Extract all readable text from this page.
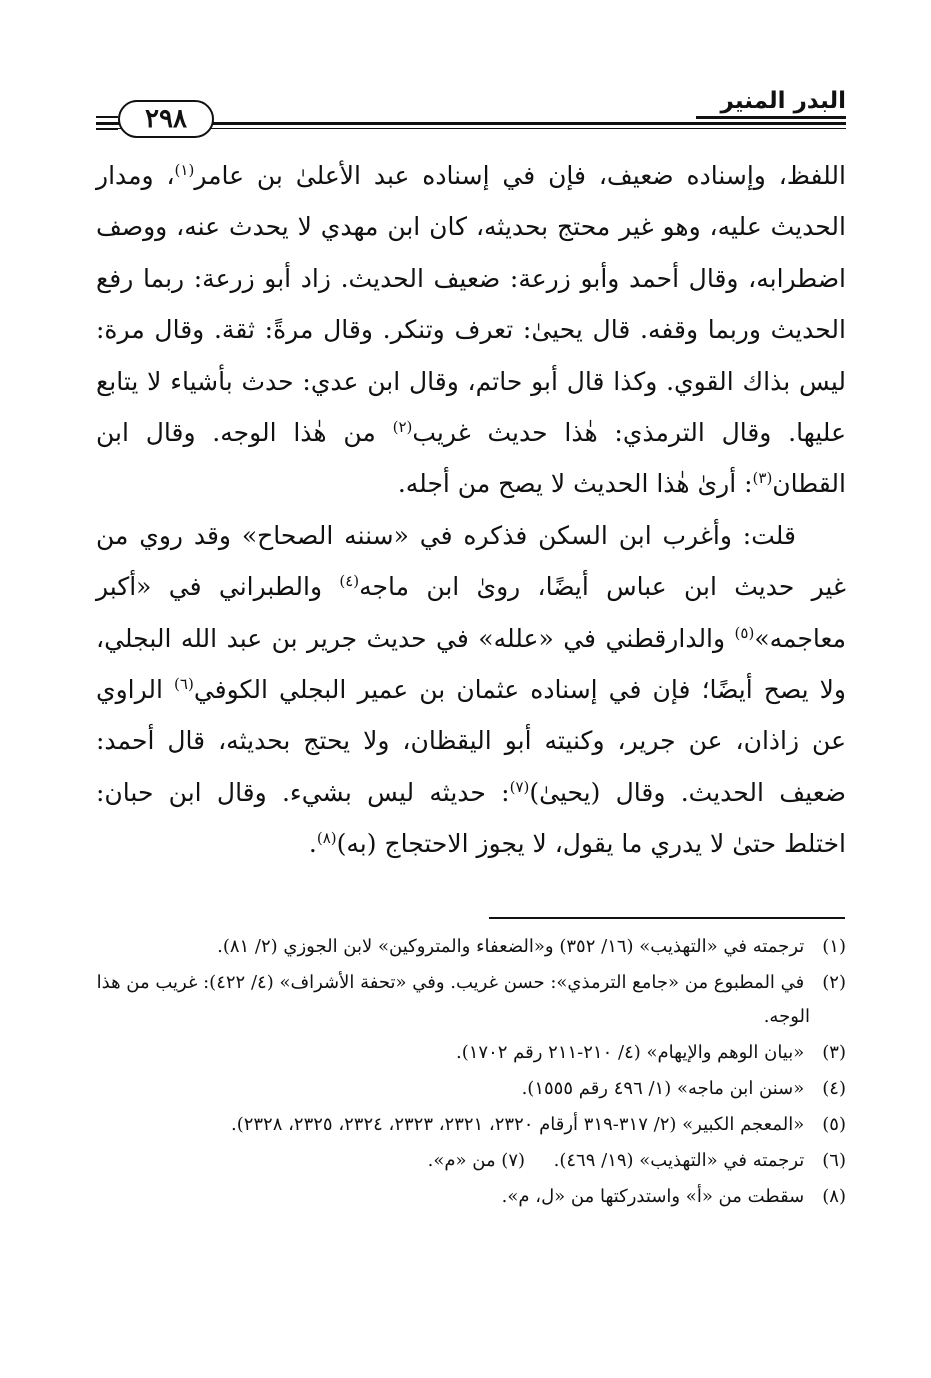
البدر المنير
٢٩٨

اللفظ، وإسناده ضعيف، فإن في إسناده عبد الأعلىٰ بن عامر$^{(١)}$، ومدار الحديث عليه، وهو غير محتج بحديثه، كان ابن مهدي لا يحدث عنه، ووصف اضطرابه، وقال أحمد وأبو زرعة: ضعيف الحديث. زاد أبو زرعة: ربما رفع الحديث وربما وقفه. قال يحيىٰ: تعرف وتنكر. وقال مرةً: ثقة. وقال مرة: ليس بذاك القوي. وكذا قال أبو حاتم، وقال ابن عدي: حدث بأشياء لا يتابع عليها. وقال الترمذي: هٰذا حديث غريب$^{(٢)}$ من هٰذا الوجه. وقال ابن القطان$^{(٣)}$: أرىٰ هٰذا الحديث لا يصح من أجله.

قلت: وأغرب ابن السكن فذكره في «سننه الصحاح» وقد روي من غير حديث ابن عباس أيضًا، روىٰ ابن ماجه$^{(٤)}$ والطبراني في «أكبر معاجمه»$^{(٥)}$ والدارقطني في «علله» في حديث جرير بن عبد الله البجلي، ولا يصح أيضًا؛ فإن في إسناده عثمان بن عمير البجلي الكوفي$^{(٦)}$ الراوي عن زاذان، عن جرير، وكنيته أبو اليقظان، ولا يحتج بحديثه، قال أحمد: ضعيف الحديث. وقال (يحيىٰ)$^{(٧)}$: حديثه ليس بشيء. وقال ابن حبان: اختلط حتىٰ لا يدري ما يقول، لا يجوز الاحتجاج (به)$^{(٨)}$.

(١) ترجمته في «التهذيب» (١٦/ ٣٥٢) و«الضعفاء والمتروكين» لابن الجوزي (٢/ ٨١).
(٢) في المطبوع من «جامع الترمذي»: حسن غريب. وفي «تحفة الأشراف» (٤/ ٤٢٢): غريب من هذا الوجه.
(٣) «بيان الوهم والإيهام» (٤/ ٢١٠-٢١١ رقم ١٧٠٢).
(٤) «سنن ابن ماجه» (١/ ٤٩٦ رقم ١٥٥٥).
(٥) «المعجم الكبير» (٢/ ٣١٧-٣١٩ أرقام ٢٣٢٠، ٢٣٢١، ٢٣٢٣، ٢٣٢٤، ٢٣٢٥، ٢٣٢٨).
(٦) ترجمته في «التهذيب» (١٩/ ٤٦٩).     (٧) من «م».
(٨) سقطت من «أ» واستدركتها من «ل، م».
